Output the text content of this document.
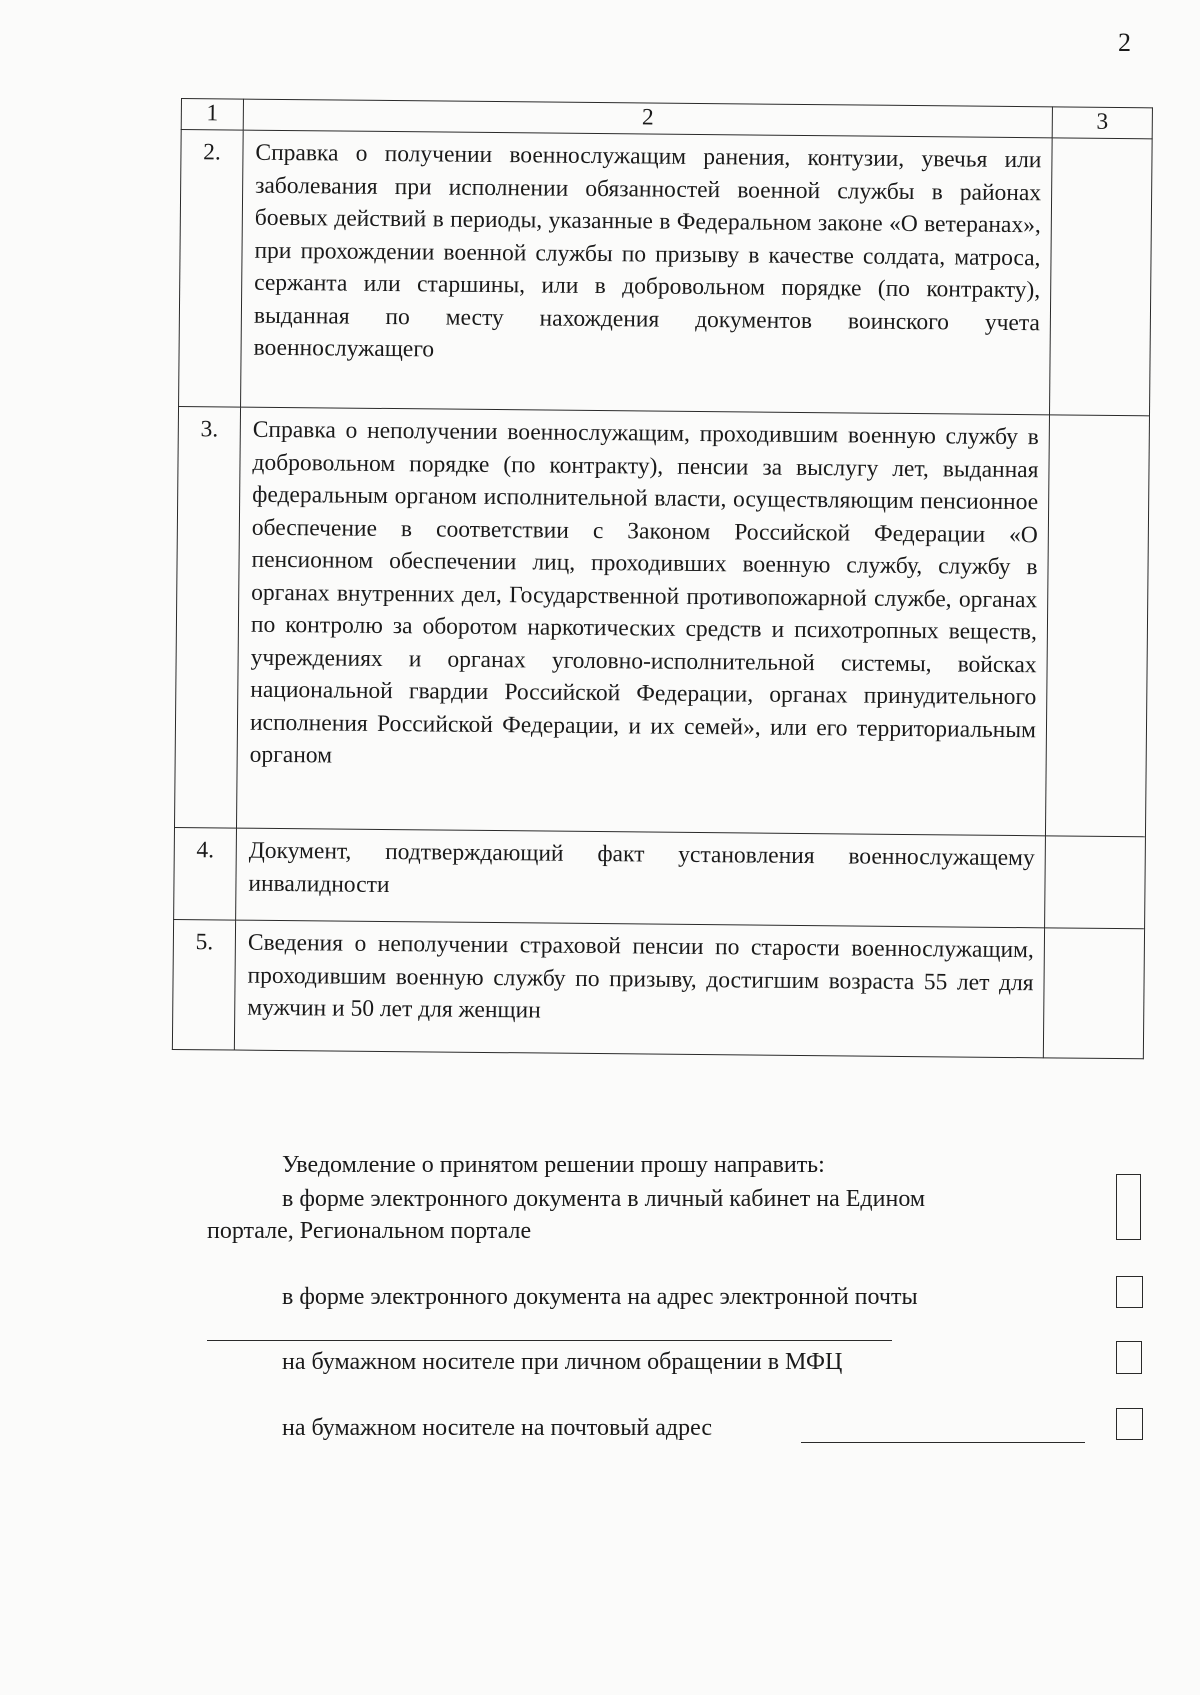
2
1	2	3
2.	Справка о получении военнослужащим ранения, контузии, увечья или заболевания при исполнении обязанностей военной службы в районах боевых действий в периоды, указанные в Федеральном законе «О ветеранах», при прохождении военной службы по призыву в качестве солдата, матроса, сержанта или старшины, или в добровольном порядке (по контракту), выданная по месту нахождения документов воинского учета военнослужащего	
3.	Справка о неполучении военнослужащим, проходившим военную службу в добровольном порядке (по контракту), пенсии за выслугу лет, выданная федеральным органом исполнительной власти, осуществляющим пенсионное обеспечение в соответствии с Законом Российской Федерации «О пенсионном обеспечении лиц, проходивших военную службу, службу в органах внутренних дел, Государственной противопожарной службе, органах по контролю за оборотом наркотических средств и психотропных веществ, учреждениях и органах уголовно-исполнительной системы, войсках национальной гвардии Российской Федерации, органах принудительного исполнения Российской Федерации, и их семей», или его территориальным органом	
4.	Документ, подтверждающий факт установления военнослужащему инвалидности	
5.	Сведения о неполучении страховой пенсии по старости военнослужащим, проходившим военную службу по призыву, достигшим возраста 55 лет для мужчин и 50 лет для женщин	
Уведомление о принятом решении прошу направить:
в форме электронного документа в личный кабинет на Едином
портале, Региональном портале
в форме электронного документа на адрес электронной почты
на бумажном носителе при личном обращении в МФЦ
на бумажном носителе на почтовый адрес
